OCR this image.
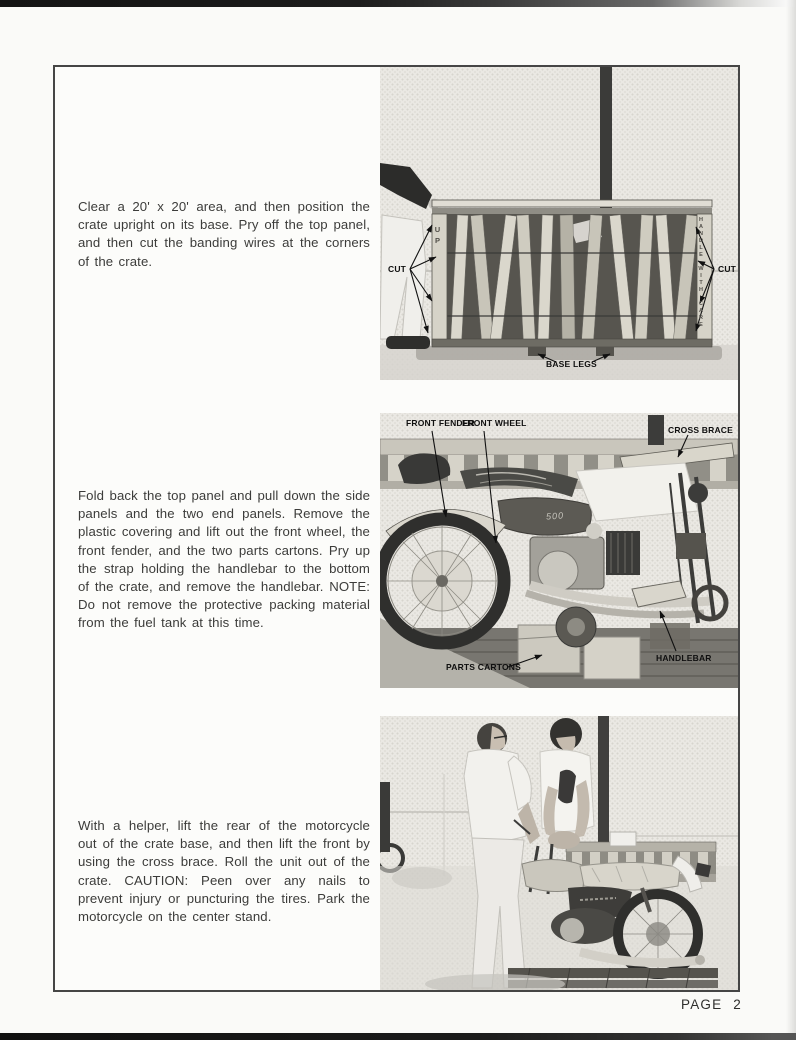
Clear a 20' x 20' area, and then position the crate upright on its base. Pry off the top panel, and then cut the banding wires at the corners of the crate.

Fold back the top panel and pull down the side panels and the two end panels. Remove the plastic covering and lift out the front wheel, the front fender, and the two parts cartons. Pry up the strap holding the handlebar to the bottom of the crate, and remove the handlebar. NOTE: Do not remove the protective packing material from the fuel tank at this time.

With a helper, lift the rear of the motorcycle out of the crate base, and then lift the front by using the cross brace. Roll the unit out of the crate. CAUTION: Peen over any nails to prevent injury or puncturing the tires. Park the motorcycle on the center stand.

CUT	CUT
BASE LEGS
UP	HANDLE WITH CARE
FRONT FENDER
FRONT WHEEL
CROSS BRACE
PARTS CARTONS
HANDLEBAR
500
PAGE 2
